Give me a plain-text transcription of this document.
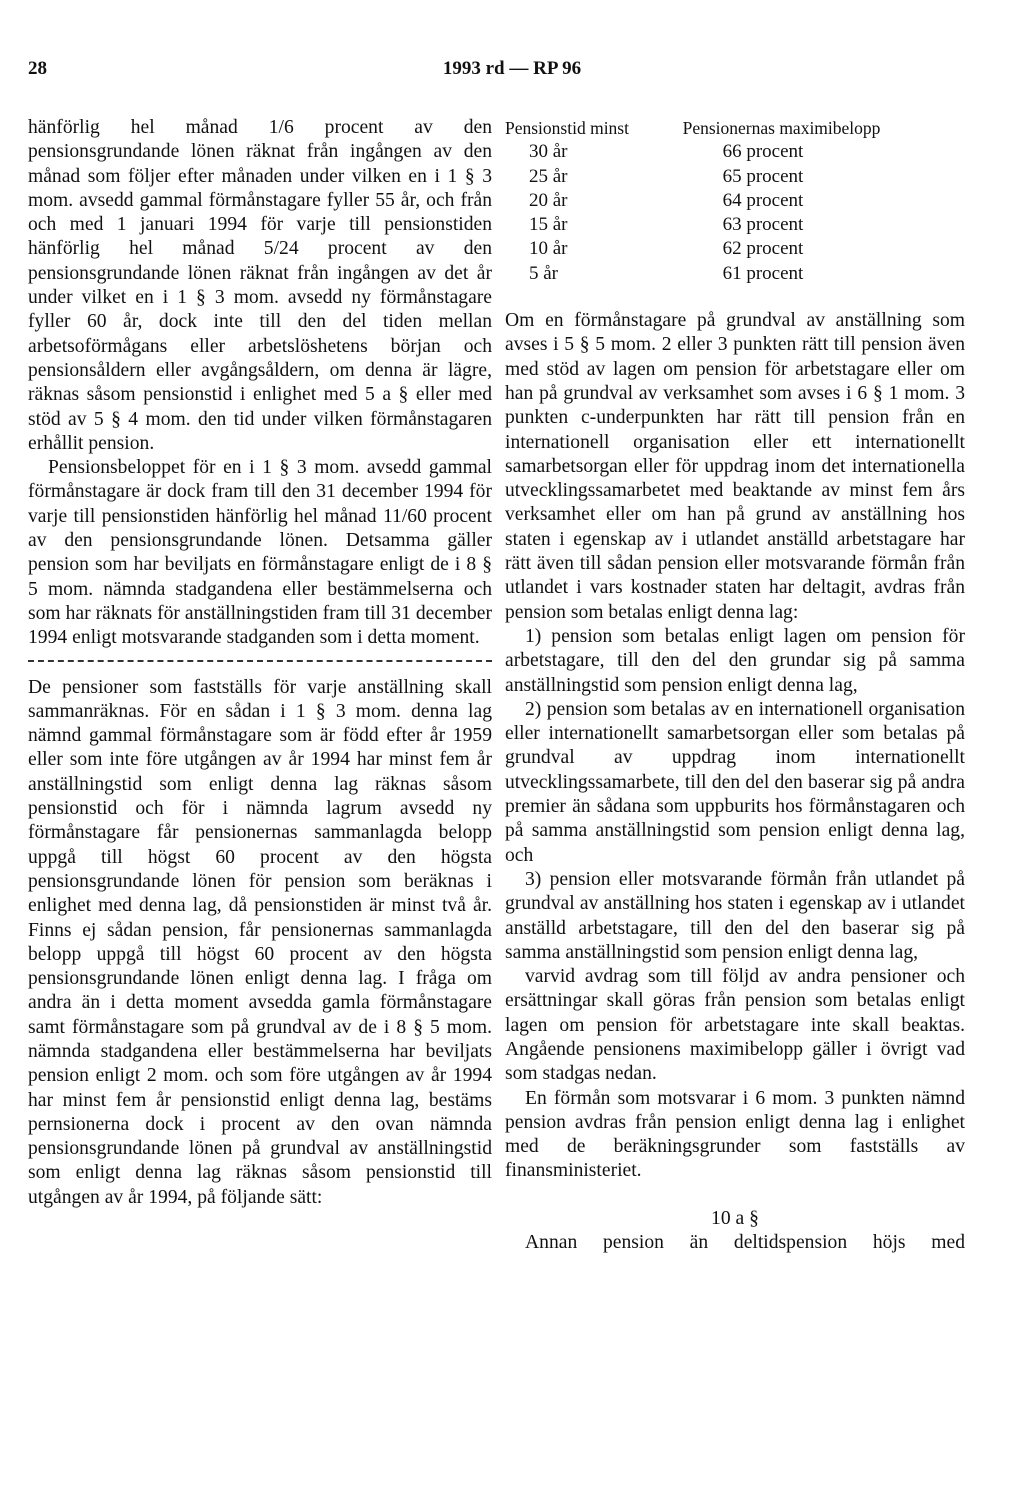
28	1993 rd — RP 96

hänförlig hel månad 1/6 procent av den pensionsgrundande lönen räknat från ingången av den månad som följer efter månaden under vilken en i 1 § 3 mom. avsedd gammal förmånstagare fyller 55 år, och från och med 1 januari 1994 för varje till pensionstiden hänförlig hel månad 5/24 procent av den pensionsgrundande lönen räknat från ingången av det år under vilket en i 1 § 3 mom. avsedd ny förmånstagare fyller 60 år, dock inte till den del tiden mellan arbetsoförmågans eller arbetslöshetens början och pensionsåldern eller avgångsåldern, om denna är lägre, räknas såsom pensionstid i enlighet med 5 a § eller med stöd av 5 § 4 mom. den tid under vilken förmånstagaren erhållit pension.

Pensionsbeloppet för en i 1 § 3 mom. avsedd gammal förmånstagare är dock fram till den 31 december 1994 för varje till pensionstiden hänförlig hel månad 11/60 procent av den pensionsgrundande lönen. Detsamma gäller pension som har beviljats en förmånstagare enligt de i 8 § 5 mom. nämnda stadgandena eller bestämmelserna och som har räknats för anställningstiden fram till 31 december 1994 enligt motsvarande stadganden som i detta moment.

De pensioner som fastställs för varje anställning skall sammanräknas. För en sådan i 1 § 3 mom. denna lag nämnd gammal förmånstagare som är född efter år 1959 eller som inte före utgången av år 1994 har minst fem år anställningstid som enligt denna lag räknas såsom pensionstid och för i nämnda lagrum avsedd ny förmånstagare får pensionernas sammanlagda belopp uppgå till högst 60 procent av den högsta pensionsgrundande lönen för pension som beräknas i enlighet med denna lag, då pensionstiden är minst två år. Finns ej sådan pension, får pensionernas sammanlagda belopp uppgå till högst 60 procent av den högsta pensionsgrundande lönen enligt denna lag. I fråga om andra än i detta moment avsedda gamla förmånstagare samt förmånstagare som på grundval av de i 8 § 5 mom. nämnda stadgandena eller bestämmelserna har beviljats pension enligt 2 mom. och som före utgången av år 1994 har minst fem år pensionstid enligt denna lag, bestäms pernsionerna dock i procent av den ovan nämnda pensionsgrundande lönen på grundval av anställningstid som enligt denna lag räknas såsom pensionstid till utgången av år 1994, på följande sätt:

Pensionstid minst	Pensionernas maximibelopp
30 år	66 procent
25 år	65 procent
20 år	64 procent
15 år	63 procent
10 år	62 procent
5 år	61 procent

Om en förmånstagare på grundval av anställning som avses i 5 § 5 mom. 2 eller 3 punkten rätt till pension även med stöd av lagen om pension för arbetstagare eller om han på grundval av verksamhet som avses i 6 § 1 mom. 3 punkten c-underpunkten har rätt till pension från en internationell organisation eller ett internationellt samarbetsorgan eller för uppdrag inom det internationella utvecklingssamarbetet med beaktande av minst fem års verksamhet eller om han på grund av anställning hos staten i egenskap av i utlandet anställd arbetstagare har rätt även till sådan pension eller motsvarande förmån från utlandet i vars kostnader staten har deltagit, avdras från pension som betalas enligt denna lag:

1) pension som betalas enligt lagen om pension för arbetstagare, till den del den grundar sig på samma anställningstid som pension enligt denna lag,

2) pension som betalas av en internationell organisation eller internationellt samarbetsorgan eller som betalas på grundval av uppdrag inom internationellt utvecklingssamarbete, till den del den baserar sig på andra premier än sådana som uppburits hos förmånstagaren och på samma anställningstid som pension enligt denna lag, och

3) pension eller motsvarande förmån från utlandet på grundval av anställning hos staten i egenskap av i utlandet anställd arbetstagare, till den del den baserar sig på samma anställningstid som pension enligt denna lag,

varvid avdrag som till följd av andra pensioner och ersättningar skall göras från pension som betalas enligt lagen om pension för arbetstagare inte skall beaktas. Angående pensionens maximibelopp gäller i övrigt vad som stadgas nedan.

En förmån som motsvarar i 6 mom. 3 punkten nämnd pension avdras från pension enligt denna lag i enlighet med de beräkningsgrunder som fastställs av finansministeriet.

10 a §

Annan pension än deltidspension höjs med
